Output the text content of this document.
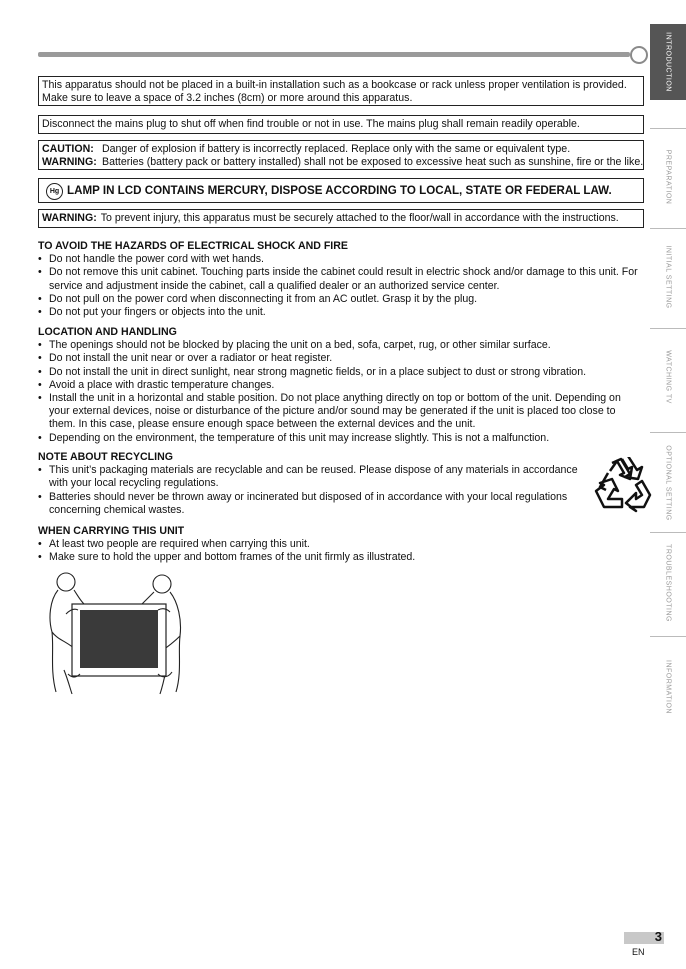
This apparatus should not be placed in a built-in installation such as a bookcase or rack unless proper ventilation is provided.
Make sure to leave a space of 3.2 inches (8cm) or more around this apparatus.
Disconnect the mains plug to shut off when find trouble or not in use. The mains plug shall remain readily operable.
CAUTION: Danger of explosion if battery is incorrectly replaced. Replace only with the same or equivalent type.
WARNING: Batteries (battery pack or battery installed) shall not be exposed to excessive heat such as sunshine, fire or the like.
Hg LAMP IN LCD CONTAINS MERCURY, DISPOSE ACCORDING TO LOCAL, STATE OR FEDERAL LAW.
WARNING: To prevent injury, this apparatus must be securely attached to the floor/wall in accordance with the instructions.
TO AVOID THE HAZARDS OF ELECTRICAL SHOCK AND FIRE
• Do not handle the power cord with wet hands.
• Do not remove this unit cabinet. Touching parts inside the cabinet could result in electric shock and/or damage to this unit. For service and adjustment inside the cabinet, call a qualified dealer or an authorized service center.
• Do not pull on the power cord when disconnecting it from an AC outlet. Grasp it by the plug.
• Do not put your fingers or objects into the unit.
LOCATION AND HANDLING
• The openings should not be blocked by placing the unit on a bed, sofa, carpet, rug, or other similar surface.
• Do not install the unit near or over a radiator or heat register.
• Do not install the unit in direct sunlight, near strong magnetic fields, or in a place subject to dust or strong vibration.
• Avoid a place with drastic temperature changes.
• Install the unit in a horizontal and stable position. Do not place anything directly on top or bottom of the unit. Depending on your external devices, noise or disturbance of the picture and/or sound may be generated if the unit is placed too close to them. In this case, please ensure enough space between the external devices and the unit.
• Depending on the environment, the temperature of this unit may increase slightly. This is not a malfunction.
NOTE ABOUT RECYCLING
• This unit’s packaging materials are recyclable and can be reused. Please dispose of any materials in accordance with your local recycling regulations.
• Batteries should never be thrown away or incinerated but disposed of in accordance with your local regulations concerning chemical wastes.
WHEN CARRYING THIS UNIT
• At least two people are required when carrying this unit.
• Make sure to hold the upper and bottom frames of the unit firmly as illustrated.
INTRODUCTION
PREPARATION
INITIAL SETTING
WATCHING TV
OPTIONAL SETTING
TROUBLESHOOTING
INFORMATION
3
EN
